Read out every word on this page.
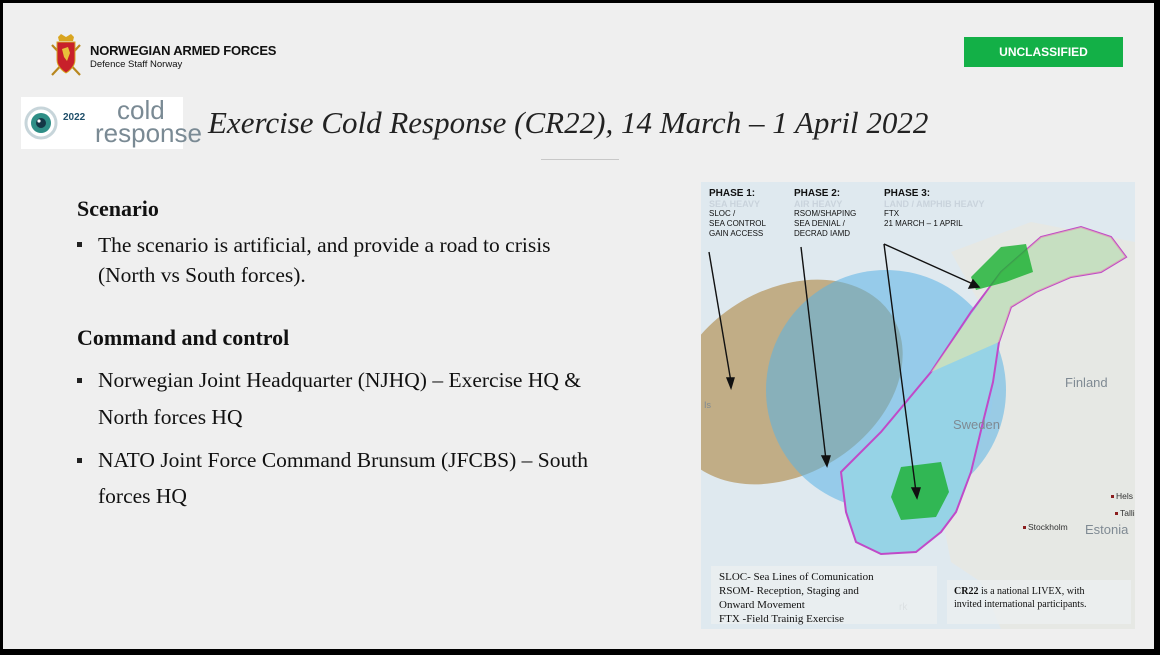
NORWEGIAN ARMED FORCES
Defence Staff Norway
UNCLASSIFIED
2022	cold
response Exercise Cold Response (CR22), 14 March – 1 April 2022
Scenario
The scenario is artificial, and provide a road to crisis
(North vs South forces).
Command and control
Norwegian Joint Headquarter (NJHQ) – Exercise HQ &
North forces HQ
NATO Joint Force Command Brunsum (JFCBS) – South
forces HQ
PHASE 1:
SEA HEAVY
SLOC /
SEA CONTROL
GAIN ACCESS
PHASE 2:
AIR HEAVY
RSOM/SHAPING
SEA DENIAL /
DECRAD IAMD
PHASE 3:
LAND / AMPHIB HEAVY
FTX
21 MARCH – 1 APRIL
Finland
Sweden
Estonia
Is
Stockholm
Hels
Talli
SLOC- Sea Lines of Comunication
RSOM- Reception, Staging and
Onward Movement
FTX -Field Trainig Exercise
CR22 is a national LIVEX, with
invited international participants.
